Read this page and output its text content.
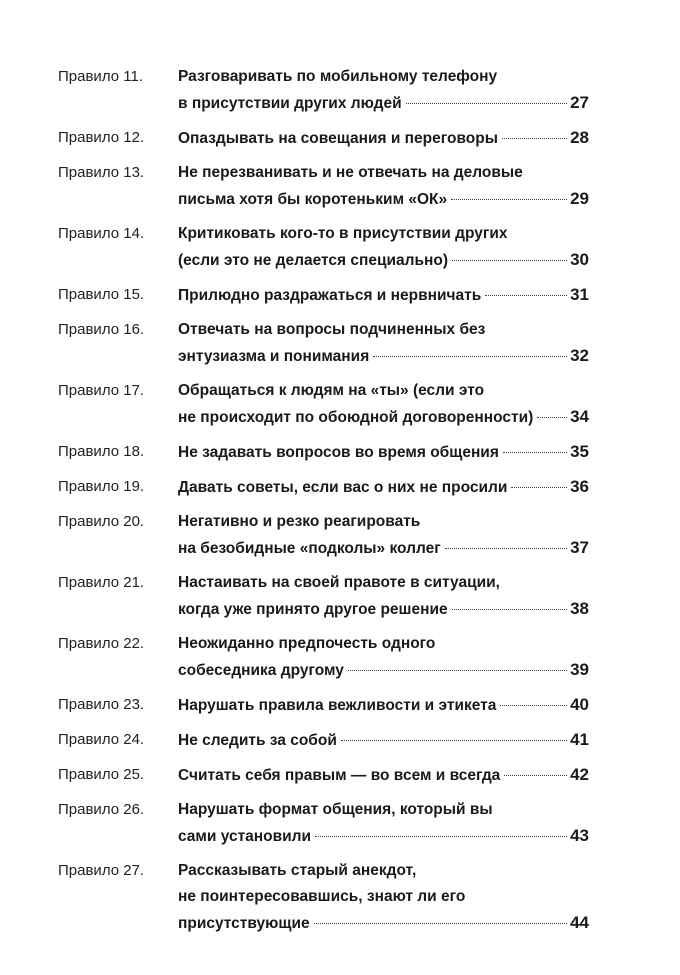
Правило 11. Разговаривать по мобильному телефону
в присутствии других людей	27
Правило 12. Опаздывать на совещания и переговоры	28
Правило 13. Не перезванивать и не отвечать на деловые
письма хотя бы коротеньким «ОК»	29
Правило 14. Критиковать кого-то в присутствии других
(если это не делается специально)	30
Правило 15. Прилюдно раздражаться и нервничать	31
Правило 16. Отвечать на вопросы подчиненных без
энтузиазма и понимания	32
Правило 17. Обращаться к людям на «ты» (если это
не происходит по обоюдной договоренности) 34
Правило 18. Не задавать вопросов во время общения	35
Правило 19. Давать советы, если вас о них не просили	36
Правило 20. Негативно и резко реагировать
на безобидные «подколы» коллег	37
Правило 21. Настаивать на своей правоте в ситуации,
когда уже принято другое решение	38
Правило 22. Неожиданно предпочесть одного
собеседника другому	39
Правило 23. Нарушать правила вежливости и этикета	40
Правило 24. Не следить за собой	41
Правило 25. Считать себя правым — во всем и всегда	42
Правило 26. Нарушать формат общения, который вы
сами установили	43
Правило 27. Рассказывать старый анекдот,
не поинтересовавшись, знают ли его
присутствующие	44
